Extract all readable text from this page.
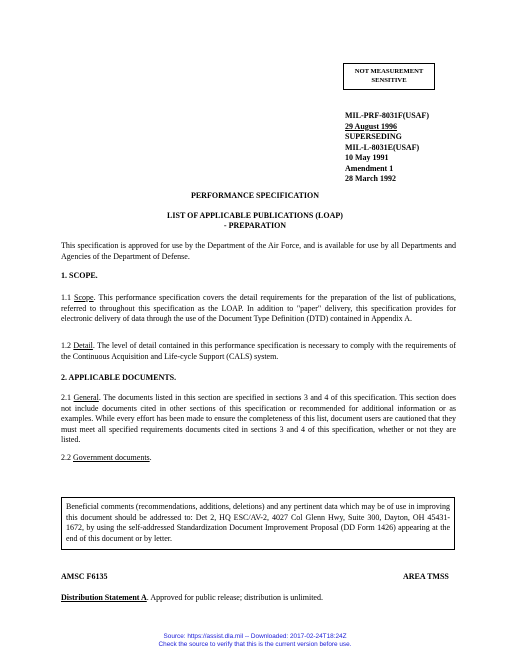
NOT MEASUREMENT
SENSITIVE
MIL-PRF-8031F(USAF)
29 August 1996
SUPERSEDING
MIL-L-8031E(USAF)
10 May 1991
Amendment 1
28 March 1992
PERFORMANCE SPECIFICATION
LIST OF APPLICABLE PUBLICATIONS (LOAP)
- PREPARATION
This specification is approved for use by the Department of the Air Force, and is available for use by all Departments and Agencies of the Department of Defense.
1. SCOPE.
1.1 Scope. This performance specification covers the detail requirements for the preparation of the list of publications, referred to throughout this specification as the LOAP. In addition to "paper" delivery, this specification provides for electronic delivery of data through the use of the Document Type Definition (DTD) contained in Appendix A.
1.2 Detail. The level of detail contained in this performance specification is necessary to comply with the requirements of the Continuous Acquisition and Life-cycle Support (CALS) system.
2. APPLICABLE DOCUMENTS.
2.1 General. The documents listed in this section are specified in sections 3 and 4 of this specification. This section does not include documents cited in other sections of this specification or recommended for additional information or as examples. While every effort has been made to ensure the completeness of this list, document users are cautioned that they must meet all specified requirements documents cited in sections 3 and 4 of this specification, whether or not they are listed.
2.2 Government documents.
Beneficial comments (recommendations, additions, deletions) and any pertinent data which may be of use in improving this document should be addressed to: Det 2, HQ ESC/AV-2, 4027 Col Glenn Hwy, Suite 300, Dayton, OH 45431-1672, by using the self-addressed Standardization Document Improvement Proposal (DD Form 1426) appearing at the end of this document or by letter.
AMSC F6135	AREA TMSS
Distribution Statement A. Approved for public release; distribution is unlimited.
Source: https://assist.dla.mil -- Downloaded: 2017-02-24T18:24Z
Check the source to verify that this is the current version before use.
